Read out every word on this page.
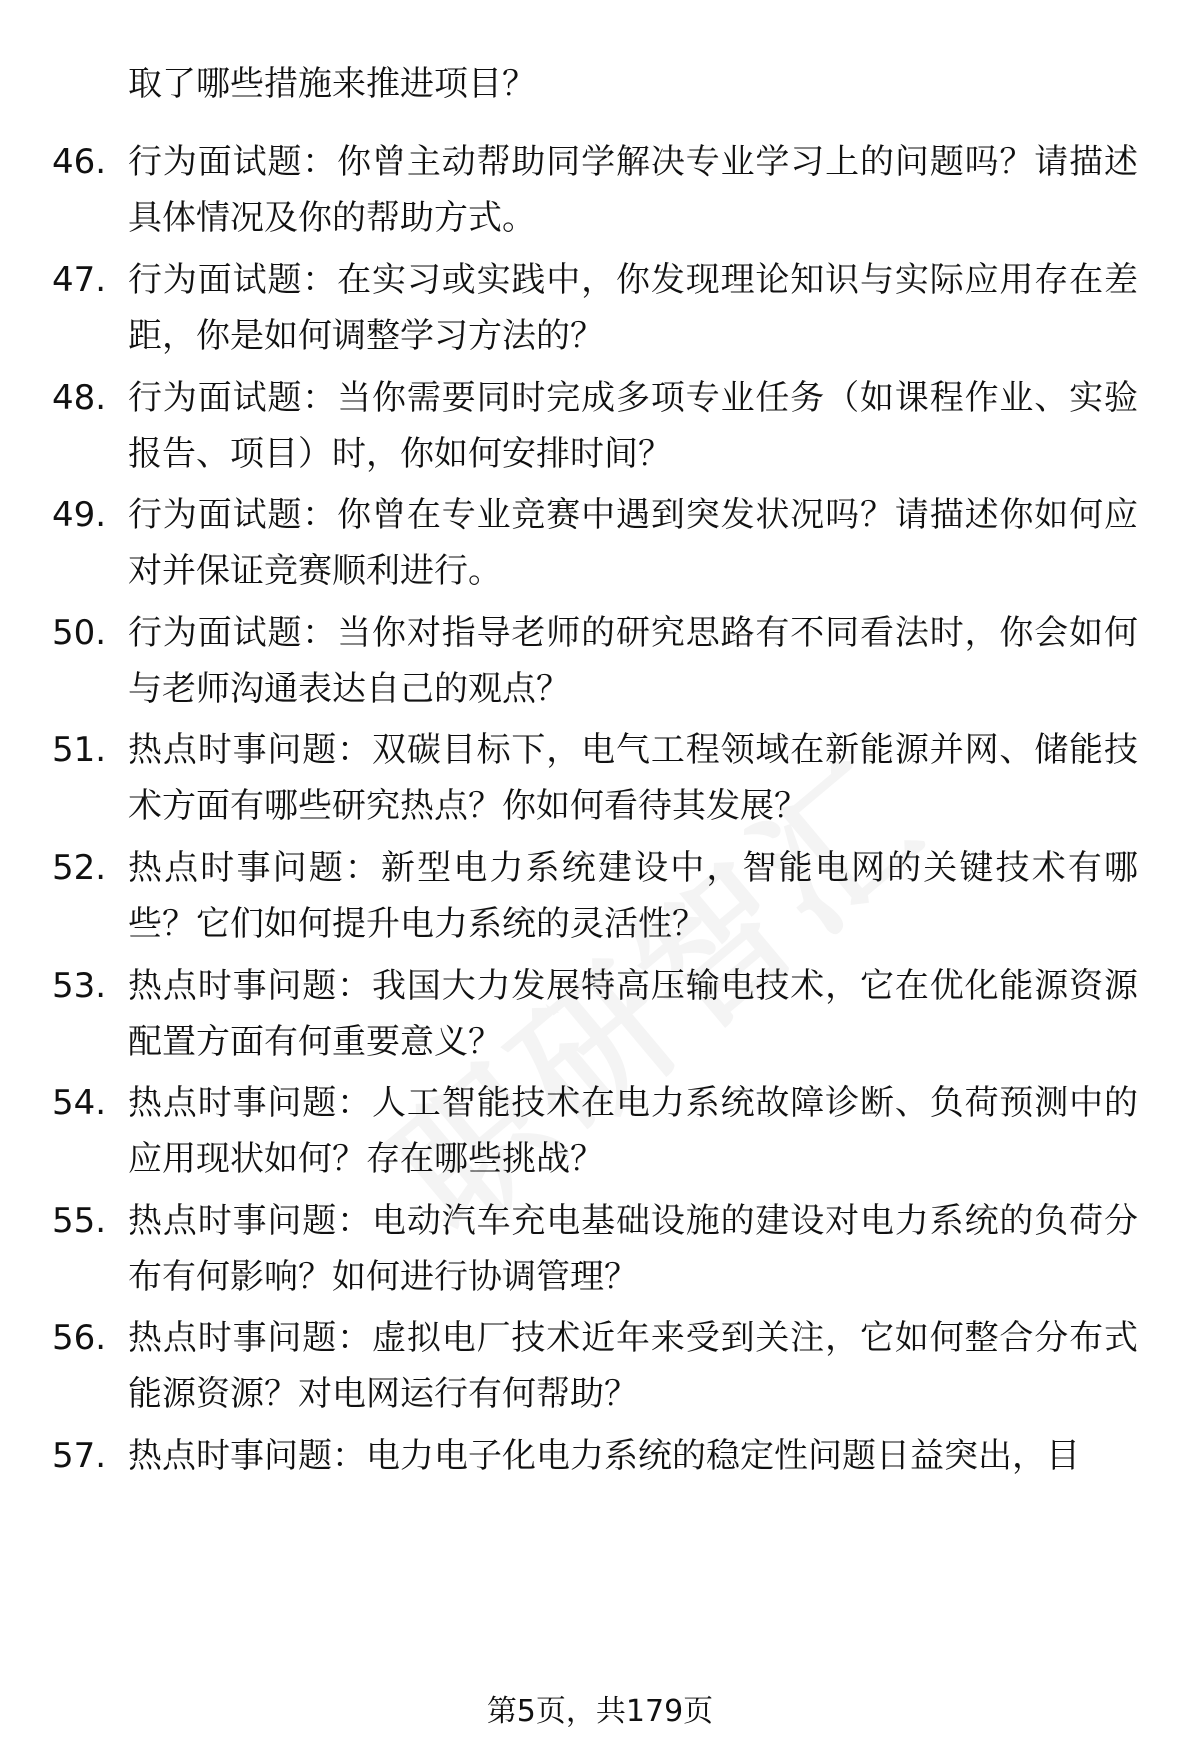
取了哪些措施来推进项目？

46. 行为面试题：你曾主动帮助同学解决专业学习上的问题吗？请描述具体情况及你的帮助方式。

47. 行为面试题：在实习或实践中，你发现理论知识与实际应用存在差距，你是如何调整学习方法的？

48. 行为面试题：当你需要同时完成多项专业任务（如课程作业、实验报告、项目）时，你如何安排时间？

49. 行为面试题：你曾在专业竞赛中遇到突发状况吗？请描述你如何应对并保证竞赛顺利进行。

50. 行为面试题：当你对指导老师的研究思路有不同看法时，你会如何与老师沟通表达自己的观点？

51. 热点时事问题：双碳目标下，电气工程领域在新能源并网、储能技术方面有哪些研究热点？你如何看待其发展？

52. 热点时事问题：新型电力系统建设中，智能电网的关键技术有哪些？它们如何提升电力系统的灵活性？

53. 热点时事问题：我国大力发展特高压输电技术，它在优化能源资源配置方面有何重要意义？

54. 热点时事问题：人工智能技术在电力系统故障诊断、负荷预测中的应用现状如何？存在哪些挑战？

55. 热点时事问题：电动汽车充电基础设施的建设对电力系统的负荷分布有何影响？如何进行协调管理？

56. 热点时事问题：虚拟电厂技术近年来受到关注，它如何整合分布式能源资源？对电网运行有何帮助？

57. 热点时事问题：电力电子化电力系统的稳定性问题日益突出，目

第5页，共179页
